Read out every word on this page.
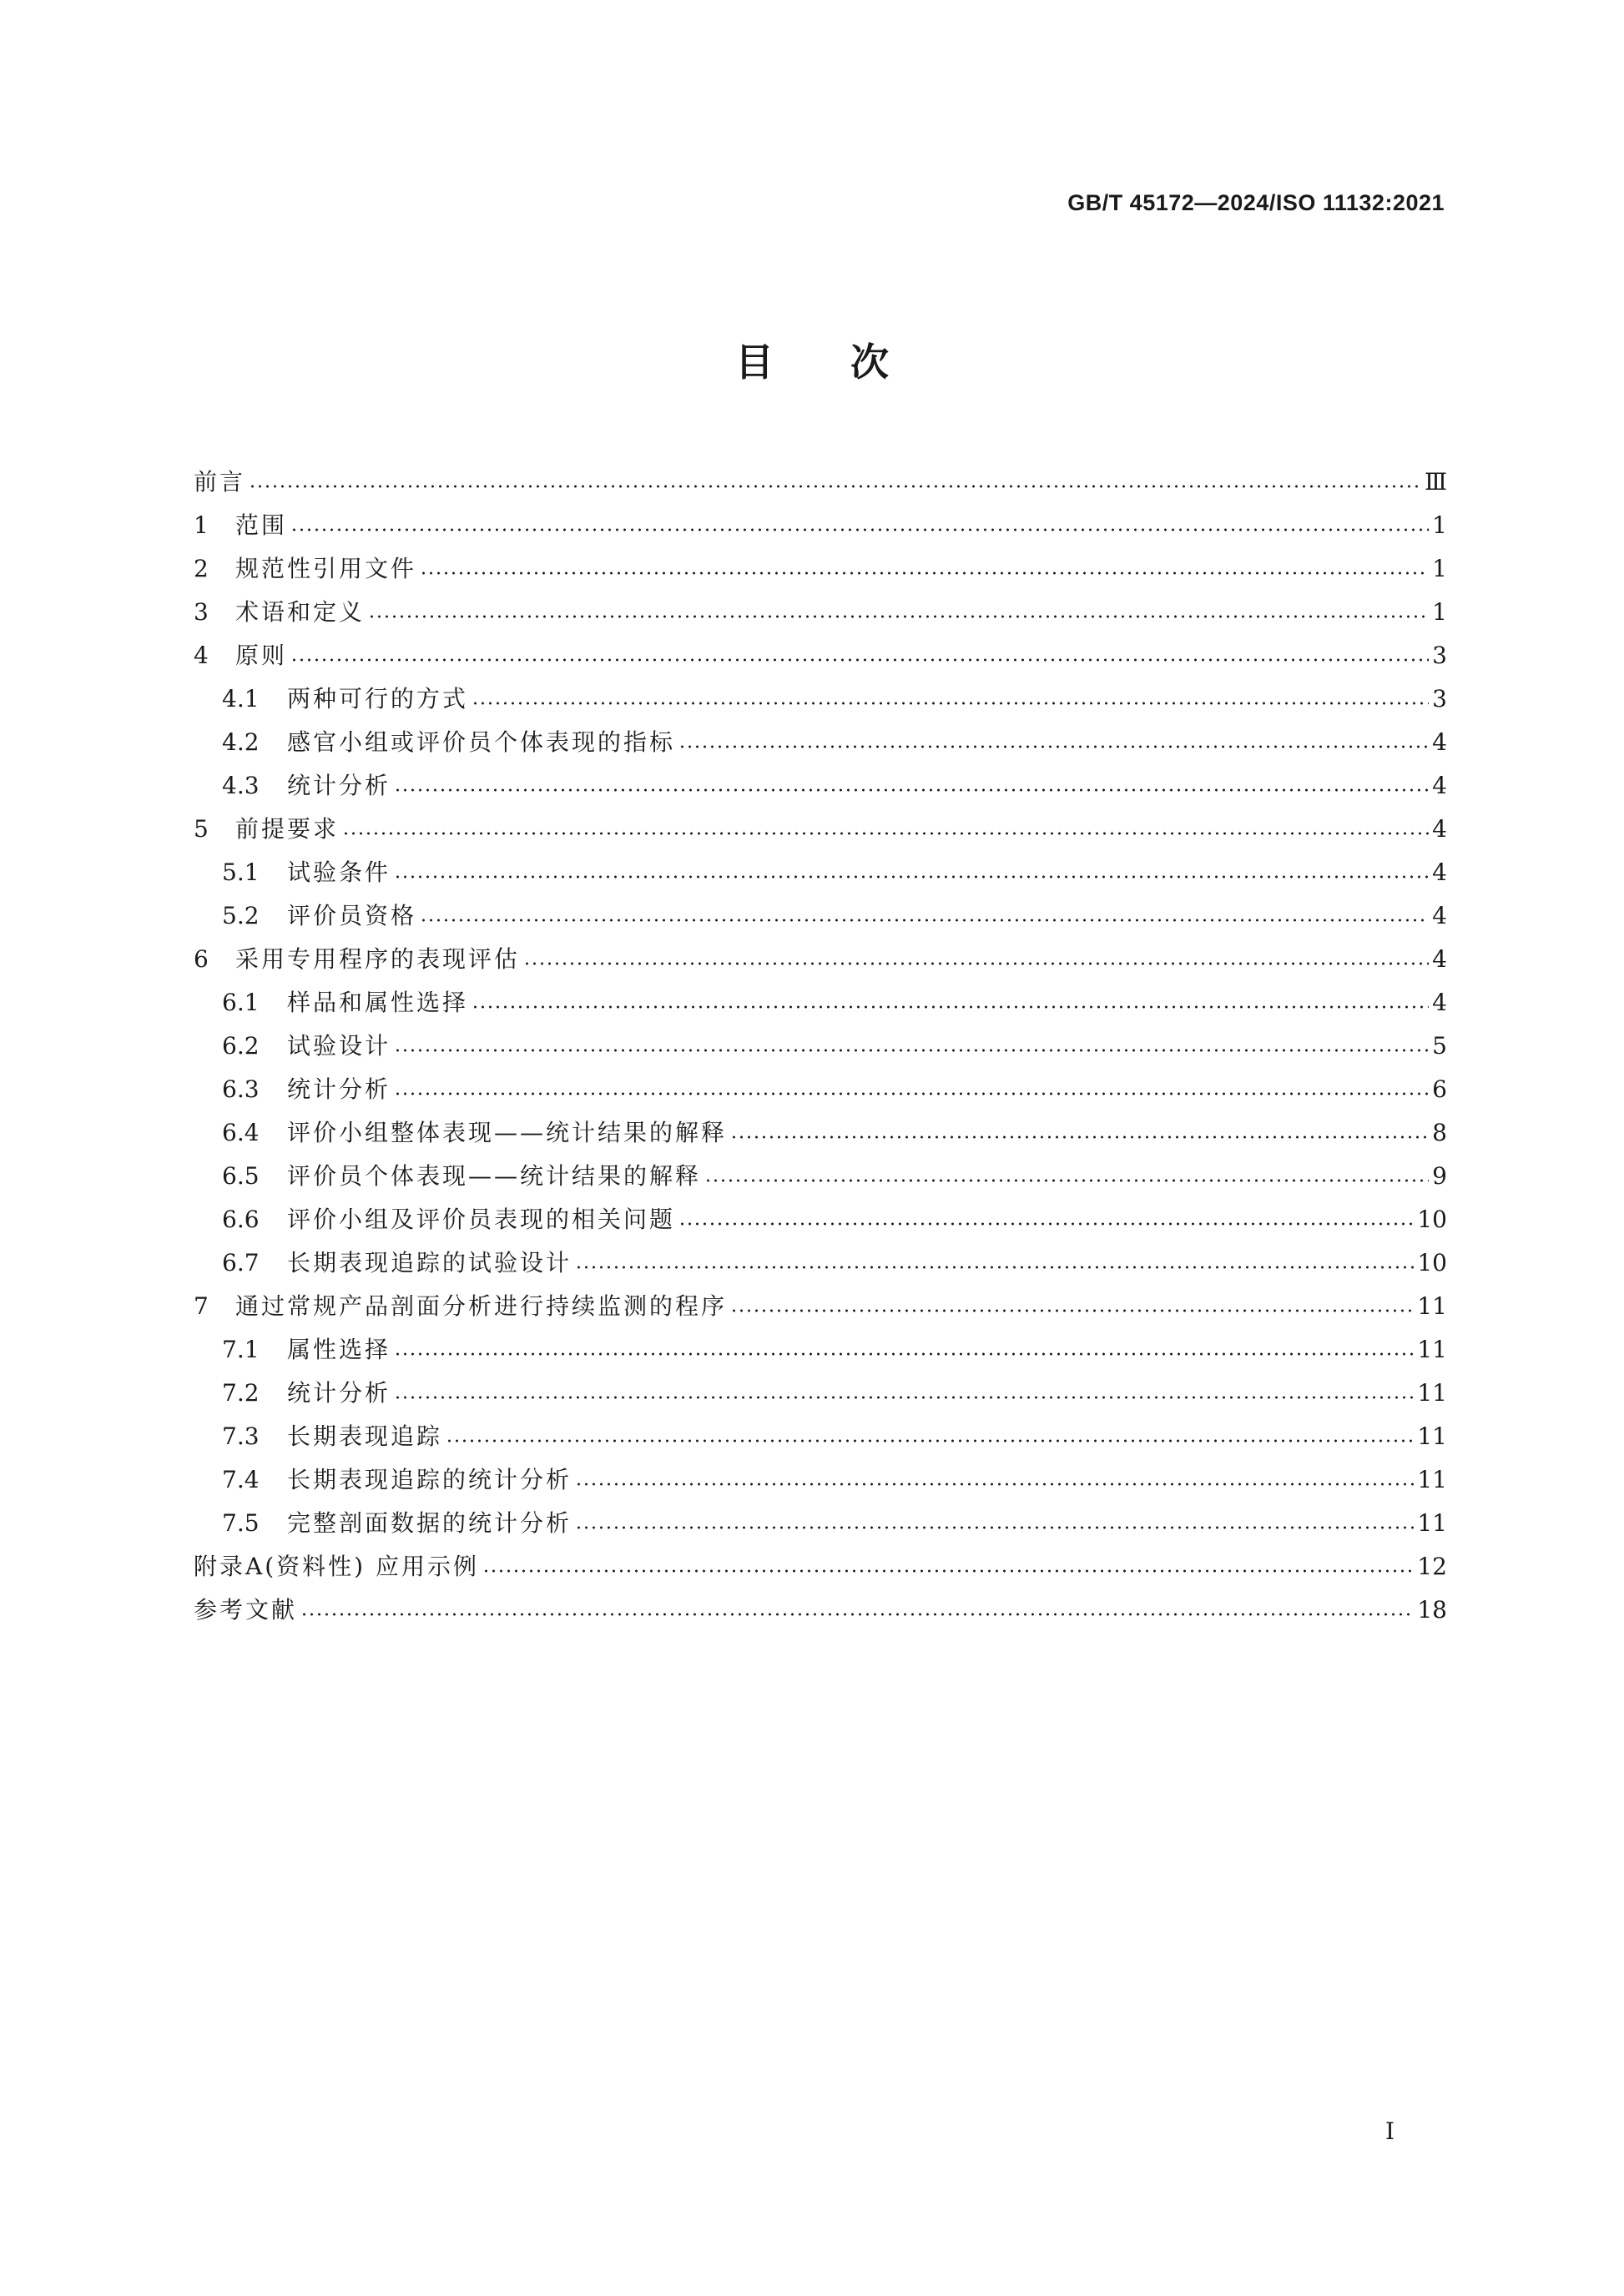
GB/T 45172—2024/ISO 11132:2021
目次
前言	Ⅲ
1	范围	1
2	规范性引用文件	1
3	术语和定义	1
4	原则	3
4.1	两种可行的方式	3
4.2	感官小组或评价员个体表现的指标	4
4.3	统计分析	4
5	前提要求	4
5.1	试验条件	4
5.2	评价员资格	4
6	采用专用程序的表现评估	4
6.1	样品和属性选择	4
6.2	试验设计	5
6.3	统计分析	6
6.4	评价小组整体表现——统计结果的解释	8
6.5	评价员个体表现——统计结果的解释	9
6.6	评价小组及评价员表现的相关问题	10
6.7	长期表现追踪的试验设计	10
7	通过常规产品剖面分析进行持续监测的程序	11
7.1	属性选择	11
7.2	统计分析	11
7.3	长期表现追踪	11
7.4	长期表现追踪的统计分析	11
7.5	完整剖面数据的统计分析	11
附录A(资料性) 应用示例	12
参考文献	18
Ⅰ
